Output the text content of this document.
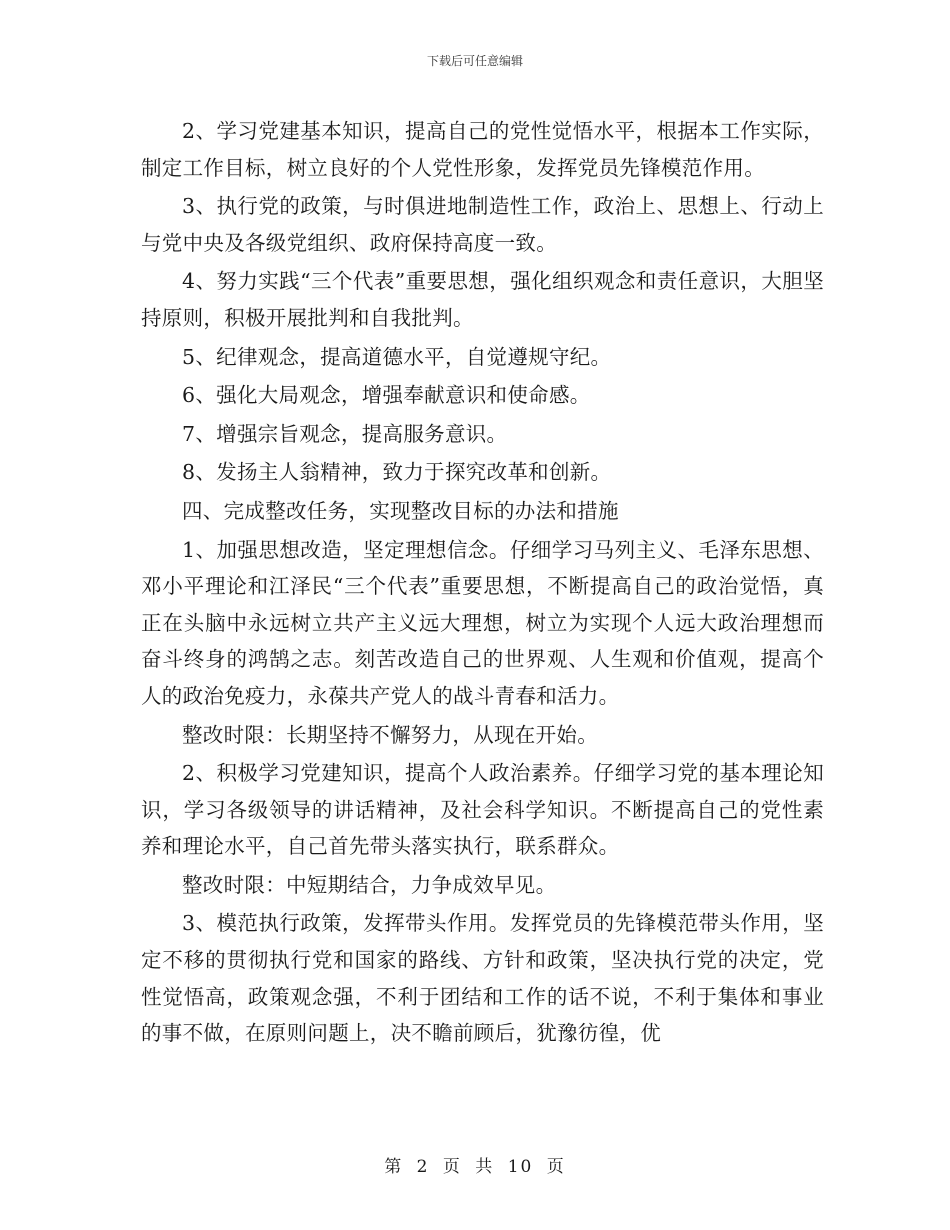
下载后可任意编辑

2、学习党建基本知识，提高自己的党性觉悟水平，根据本工作实际，制定工作目标，树立良好的个人党性形象，发挥党员先锋模范作用。

3、执行党的政策，与时俱进地制造性工作，政治上、思想上、行动上与党中央及各级党组织、政府保持高度一致。

4、努力实践“三个代表”重要思想，强化组织观念和责任意识，大胆坚持原则，积极开展批判和自我批判。

5、纪律观念，提高道德水平，自觉遵规守纪。

6、强化大局观念，增强奉献意识和使命感。

7、增强宗旨观念，提高服务意识。

8、发扬主人翁精神，致力于探究改革和创新。

四、完成整改任务，实现整改目标的办法和措施

1、加强思想改造，坚定理想信念。仔细学习马列主义、毛泽东思想、邓小平理论和江泽民“三个代表”重要思想，不断提高自己的政治觉悟，真正在头脑中永远树立共产主义远大理想，树立为实现个人远大政治理想而奋斗终身的鸿鹄之志。刻苦改造自己的世界观、人生观和价值观，提高个人的政治免疫力，永葆共产党人的战斗青春和活力。

整改时限：长期坚持不懈努力，从现在开始。

2、积极学习党建知识，提高个人政治素养。仔细学习党的基本理论知识，学习各级领导的讲话精神，及社会科学知识。不断提高自己的党性素养和理论水平，自己首先带头落实执行，联系群众。

整改时限：中短期结合，力争成效早见。

3、模范执行政策，发挥带头作用。发挥党员的先锋模范带头作用，坚定不移的贯彻执行党和国家的路线、方针和政策，坚决执行党的决定，党性觉悟高，政策观念强，不利于团结和工作的话不说，不利于集体和事业的事不做，在原则问题上，决不瞻前顾后，犹豫彷徨，优

第 2 页 共 10 页
